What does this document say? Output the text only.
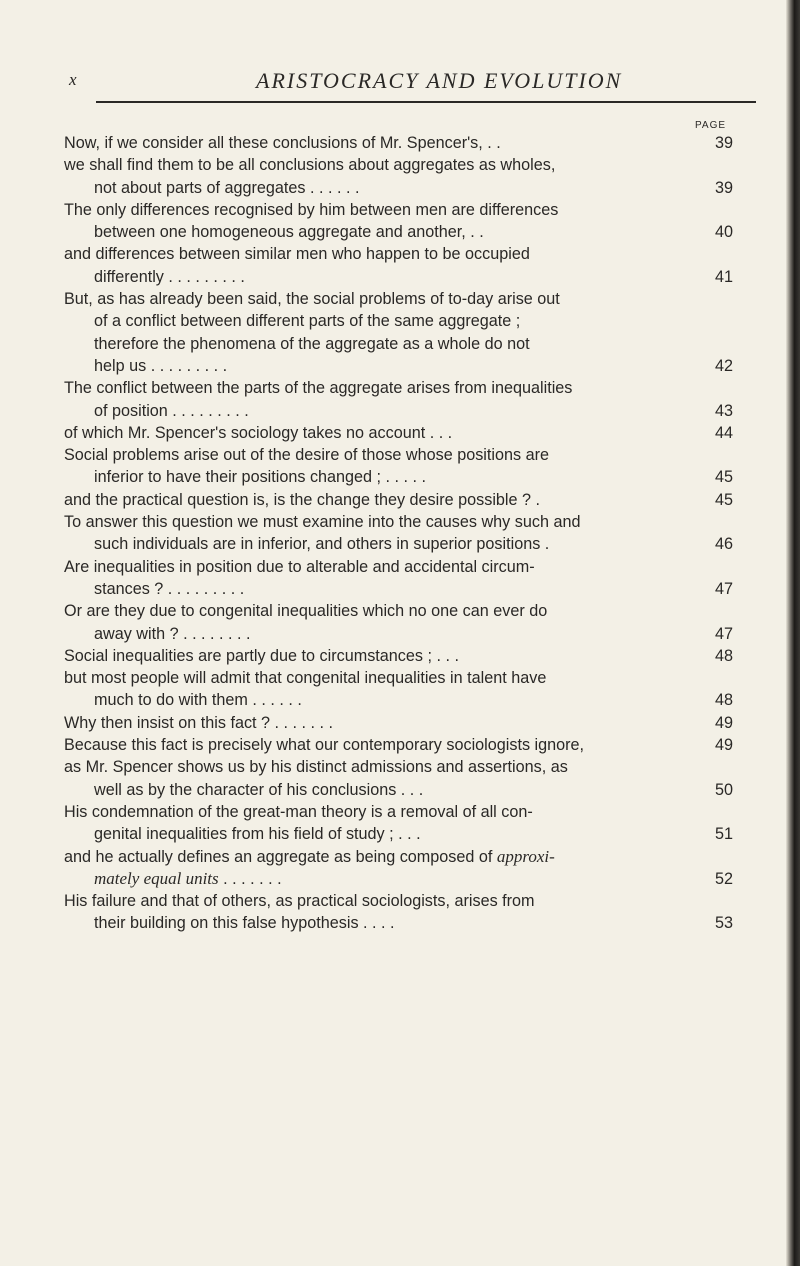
x	ARISTOCRACY AND EVOLUTION
PAGE
Now, if we consider all these conclusions of Mr. Spencer's, . .	39
we shall find them to be all conclusions about aggregates as wholes,
not about parts of aggregates . . . . . .	39
The only differences recognised by him between men are differences
between one homogeneous aggregate and another, . .	40
and differences between similar men who happen to be occupied
differently . . . . . . . . .	41
But, as has already been said, the social problems of to-day arise out
of a conflict between different parts of the same aggregate ;
therefore the phenomena of the aggregate as a whole do not
help us . . . . . . . . .	42
The conflict between the parts of the aggregate arises from inequalities
of position . . . . . . . . .	43
of which Mr. Spencer's sociology takes no account . . .	44
Social problems arise out of the desire of those whose positions are
inferior to have their positions changed ; . . . . .	45
and the practical question is, is the change they desire possible ? .	45
To answer this question we must examine into the causes why such and
such individuals are in inferior, and others in superior positions .	46
Are inequalities in position due to alterable and accidental circum-
stances ? . . . . . . . . .	47
Or are they due to congenital inequalities which no one can ever do
away with ? . . . . . . . .	47
Social inequalities are partly due to circumstances ; . . .	48
but most people will admit that congenital inequalities in talent have
much to do with them . . . . . .	48
Why then insist on this fact ? . . . . . . .	49
Because this fact is precisely what our contemporary sociologists ignore,	49
as Mr. Spencer shows us by his distinct admissions and assertions, as
well as by the character of his conclusions . . .	50
His condemnation of the great-man theory is a removal of all con-
genital inequalities from his field of study ; . . .	51
and he actually defines an aggregate as being composed of approxi-
mately equal units . . . . . . .	52
His failure and that of others, as practical sociologists, arises from
their building on this false hypothesis . . . .	53
